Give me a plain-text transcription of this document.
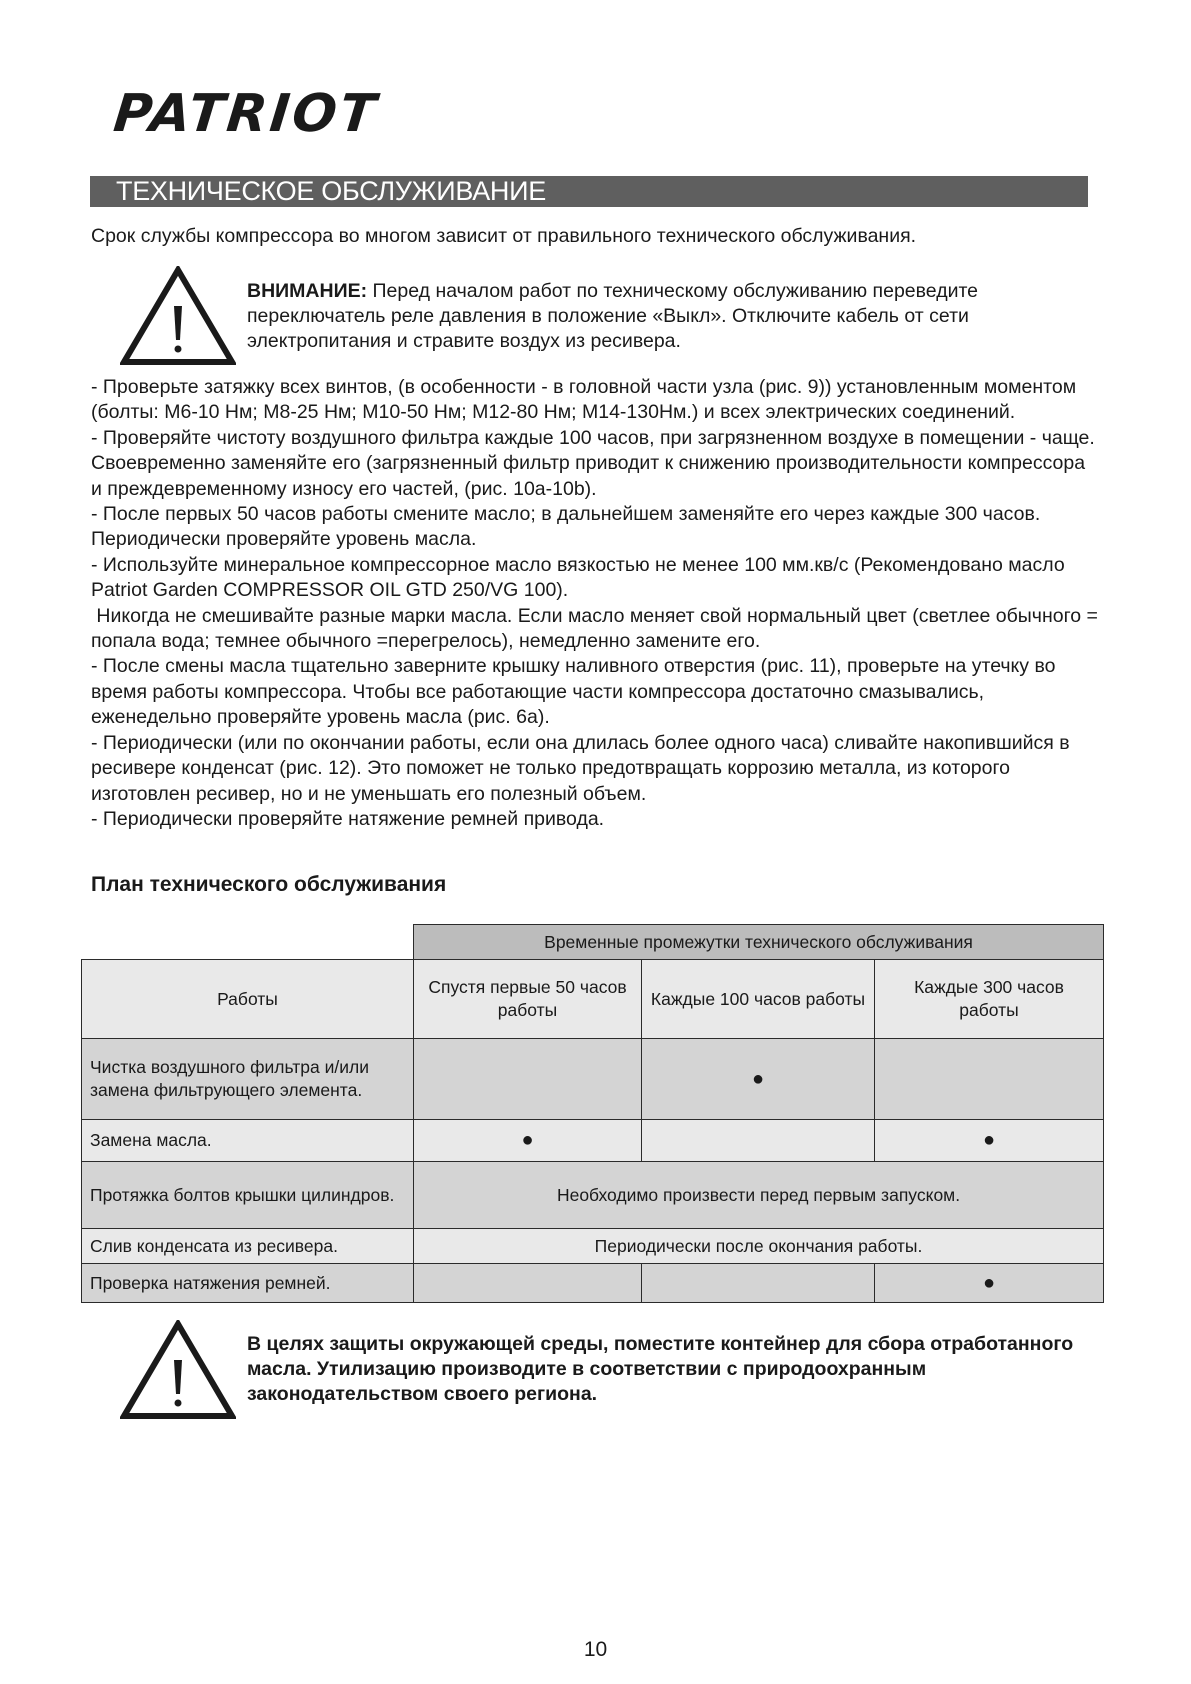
PATRIOT
ТЕХНИЧЕСКОЕ ОБСЛУЖИВАНИЕ
Срок службы компрессора во многом зависит от правильного технического обслуживания.
ВНИМАНИЕ: Перед началом работ по техническому обслуживанию переведите переключатель реле давления в положение «Выкл». Отключите кабель от сети электропитания и стравите воздух из ресивера.

- Проверьте затяжку всех винтов, (в особенности - в головной части узла (рис. 9)) установленным моментом (болты: М6-10 Нм; М8-25 Нм; М10-50 Нм; М12-80 Нм; М14-130Нм.) и всех электрических соединений.

- Проверяйте чистоту воздушного фильтра каждые 100 часов, при загрязненном воздухе в помещении - чаще. Своевременно заменяйте его (загрязненный фильтр приводит к снижению производительности компрессора и преждевременному износу его частей, (рис. 10а-10b).

- После первых 50 часов работы смените масло; в дальнейшем заменяйте его через каждые 300 часов. Периодически проверяйте уровень масла.

- Используйте минеральное компрессорное масло вязкостью не менее 100 мм.кв/с (Рекомендовано масло Patriot Garden COMPRESSOR OIL GTD 250/VG 100).

Никогда не смешивайте разные марки масла. Если масло меняет свой нормальный цвет (светлее обычного = попала вода; темнее обычного =перегрелось), немедленно замените его.

- После смены масла тщательно заверните крышку наливного отверстия (рис. 11), проверьте на утечку во время работы компрессора. Чтобы все работающие части компрессора достаточно смазывались, еженедельно проверяйте уровень масла (рис. 6а).

- Периодически (или по окончании работы, если она длилась более одного часа) сливайте накопившийся в ресивере конденсат (рис. 12). Это поможет не только предотвращать коррозию металла, из которого изготовлен ресивер, но и не уменьшать его полезный объем.

- Периодически проверяйте натяжение ремней привода.

План технического обслуживания
	Временные промежутки технического обслуживания		
Работы	Спустя первые 50 часов работы	Каждые 100 часов работы	Каждые 300 часов работы
Чистка воздушного фильтра и/или замена фильтрующего элемента.		●	
Замена масла.	●		●
Протяжка болтов крышки цилиндров.	Необходимо произвести перед первым запуском.		
Слив конденсата из ресивера.	Периодически после окончания работы.		
Проверка натяжения ремней.			●
В целях защиты окружающей среды, поместите контейнер для сбора отработанного масла. Утилизацию производите в соответствии с природоохранным законодательством своего региона.
10
